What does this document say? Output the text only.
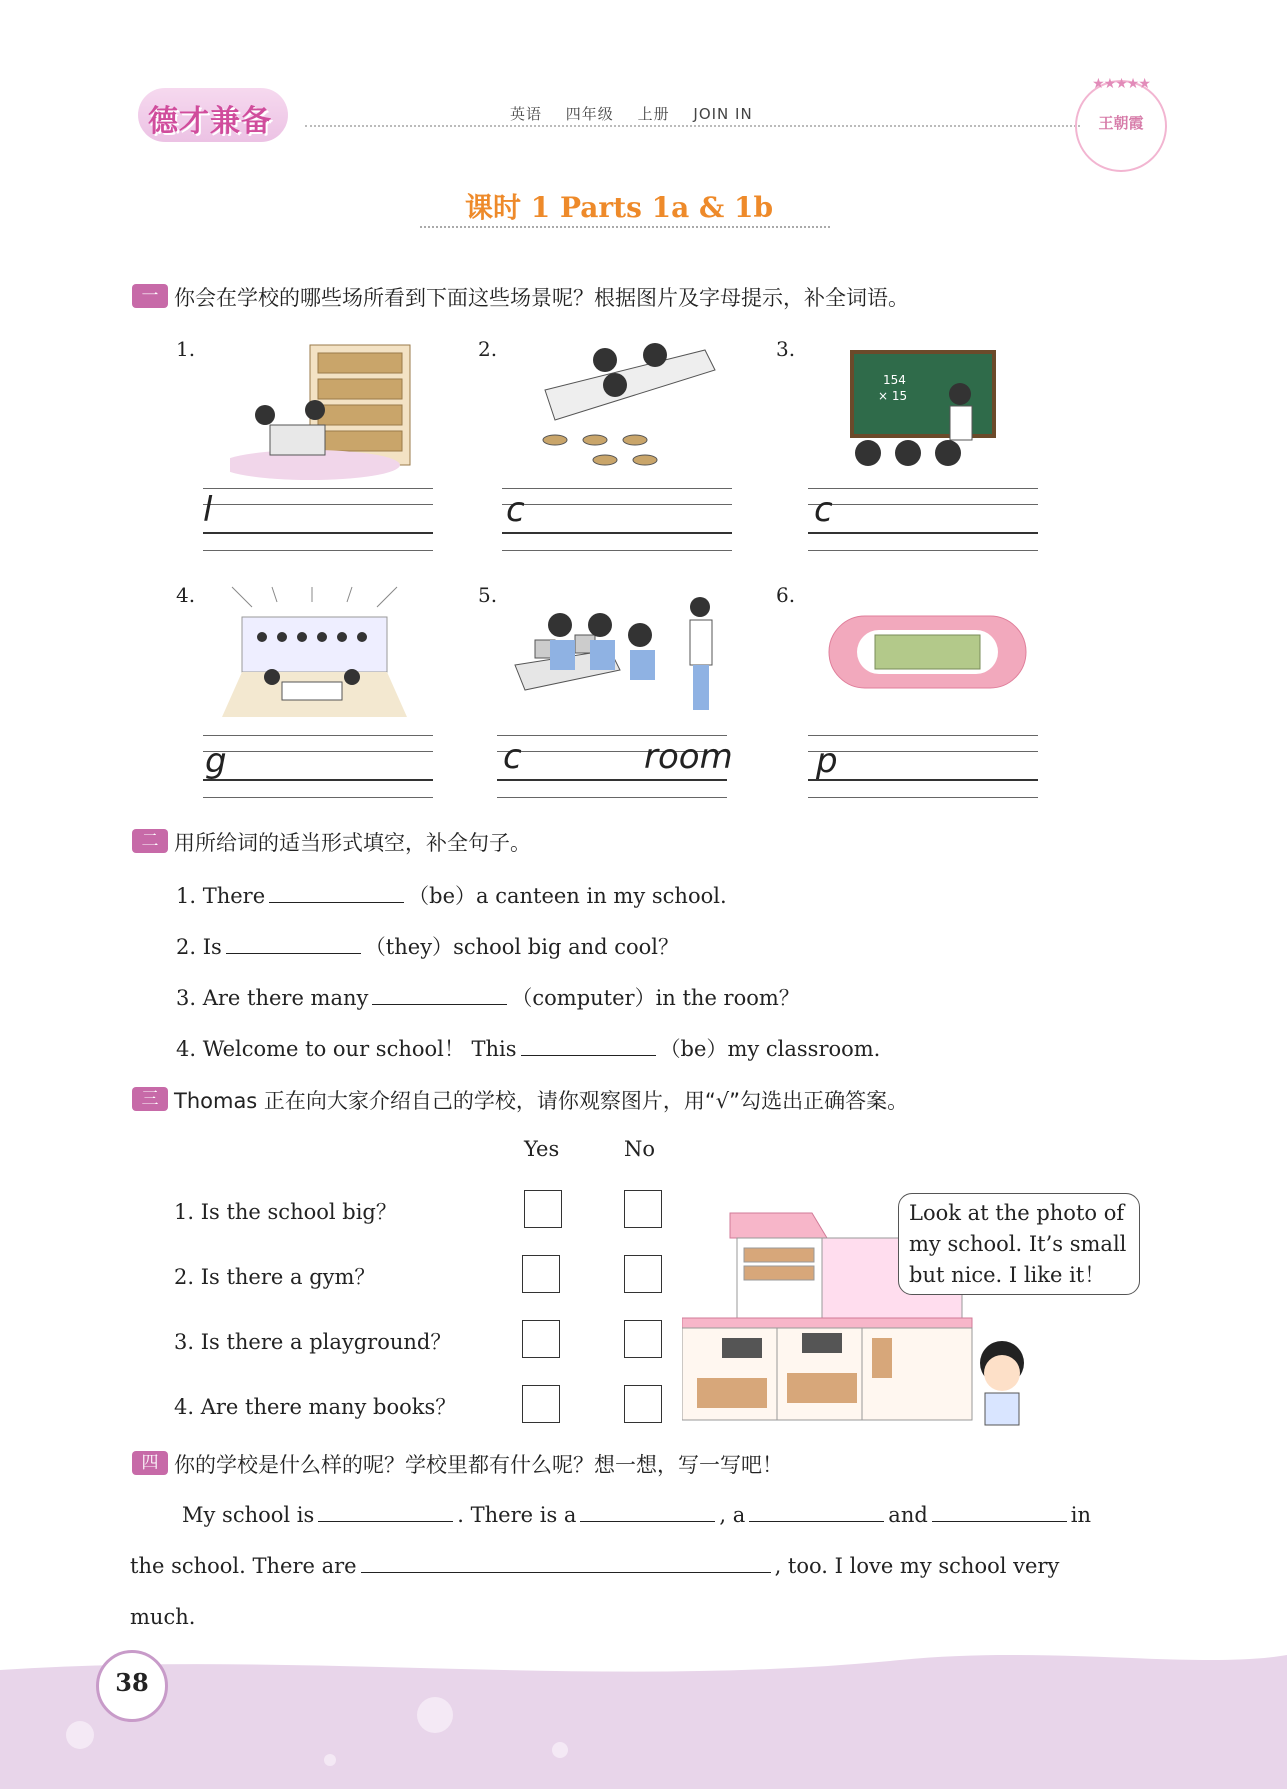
德才兼备	英语 四年级 上册 JOIN IN
★★★★★
王朝霞
课时 1 Parts 1a & 1b
一 你会在学校的哪些场所看到下面这些场景呢？根据图片及字母提示，补全词语。
1.
l
2.
c
3.
154
× 15
c
4.
g
5.
c	room
6.
p
二 用所给词的适当形式填空，补全句子。
1. There	（be）a canteen in my school.
2. Is	（they）school big and cool？
3. Are there many	（computer）in the room？
4. Welcome to our school！ This	（be）my classroom.
三 Thomas 正在向大家介绍自己的学校，请你观察图片，用“√”勾选出正确答案。
Yes	No
1. Is the school big？
2. Is there a gym？
3. Is there a playground？
4. Are there many books？
Look at the photo of my school. It’s small but nice. I like it！
四 你的学校是什么样的呢？学校里都有什么呢？想一想，写一写吧！
My school is	. There is a	, a	and	in
the school. There are	, too. I love my school very
much.
38
